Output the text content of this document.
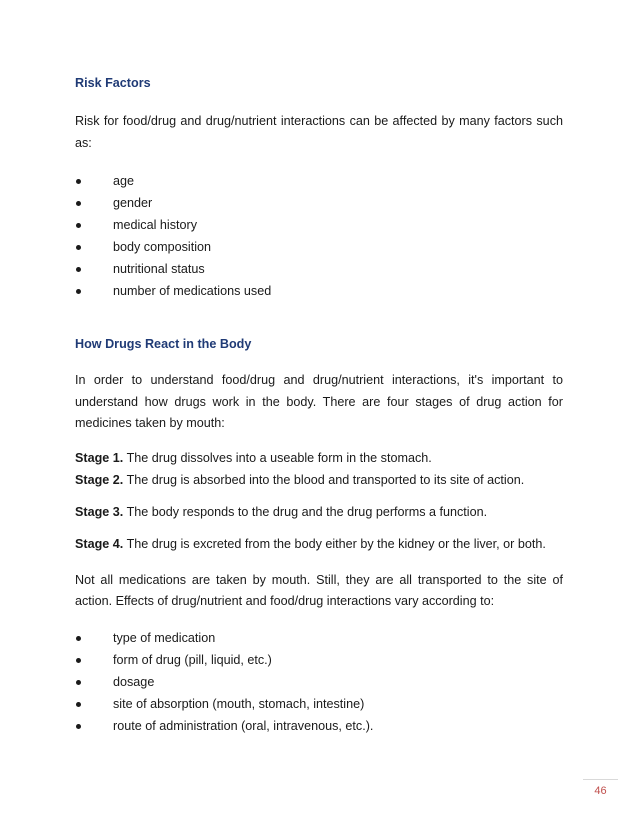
Risk Factors

Risk for food/drug and drug/nutrient interactions can be affected by many factors such as:

age
gender
medical history
body composition
nutritional status
number of medications used
How Drugs React in the Body

In order to understand food/drug and drug/nutrient interactions, it's important to understand how drugs work in the body. There are four stages of drug action for medicines taken by mouth:

Stage 1. The drug dissolves into a useable form in the stomach.
Stage 2. The drug is absorbed into the blood and transported to its site of action.
Stage 3. The body responds to the drug and the drug performs a function.
Stage 4. The drug is excreted from the body either by the kidney or the liver, or both.

Not all medications are taken by mouth. Still, they are all transported to the site of action. Effects of drug/nutrient and food/drug interactions vary according to:

type of medication
form of drug (pill, liquid, etc.)
dosage
site of absorption (mouth, stomach, intestine)
route of administration (oral, intravenous, etc.).
46
